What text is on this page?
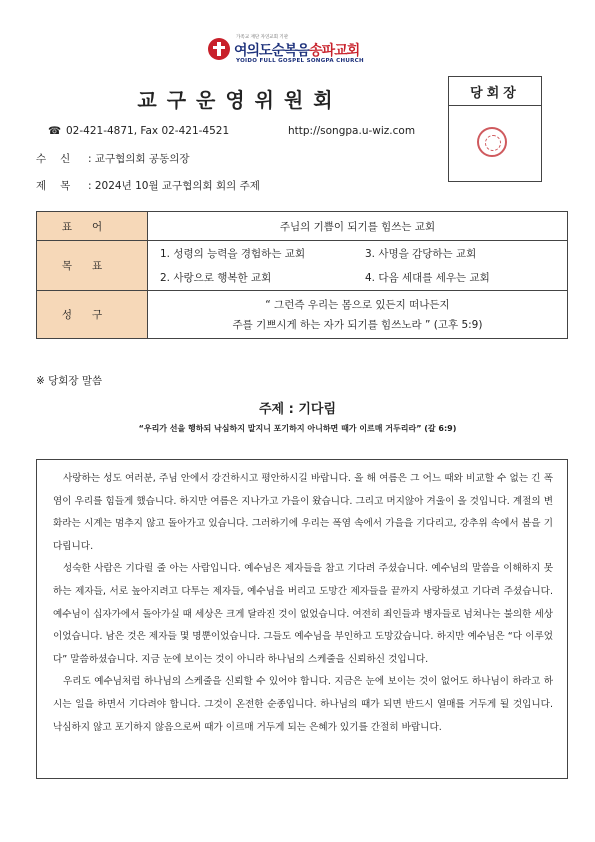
가족교 재단 자연교회 기관
여의도순복음송파교회
YOIDO FULL GOSPEL SONGPA CHURCH
교구운영위원회	당회장
☎ 02-421-4871, Fax 02-421-4521	http://songpa.u-wiz.com
수신 : 교구협의회 공동의장
제목 : 2024년 10월 교구협의회 회의 주제
표어	주님의 기쁨이 되기를 힘쓰는 교회
목표	1. 성령의 능력을 경험하는 교회 3. 사명을 감당하는 교회
2. 사랑으로 행복한 교회 4. 다음 세대를 세우는 교회

성구	“ 그런즉 우리는 몸으로 있든지 떠나든지
주를 기쁘시게 하는 자가 되기를 힘쓰노라 ” (고후 5:9)
※ 당회장 말씀
주제 : 기다림
“우리가 선을 행하되 낙심하지 말지니 포기하지 아니하면 때가 이르매 거두리라” (갈 6:9)

사랑하는 성도 여러분, 주님 안에서 강건하시고 평안하시길 바랍니다. 올 해 여름은 그 어느 때와 비교할 수 없는 긴 폭염이 우리를 힘들게 했습니다. 하지만 여름은 지나가고 가을이 왔습니다. 그리고 머지않아 겨울이 올 것입니다. 계절의 변화라는 시계는 멈추지 않고 돌아가고 있습니다. 그러하기에 우리는 폭염 속에서 가을을 기다리고, 강추위 속에서 봄을 기다립니다.

성숙한 사람은 기다릴 줄 아는 사람입니다. 예수님은 제자들을 참고 기다려 주셨습니다. 예수님의 말씀을 이해하지 못하는 제자들, 서로 높아지려고 다투는 제자들, 예수님을 버리고 도망간 제자들을 끝까지 사랑하셨고 기다려 주셨습니다. 예수님이 십자가에서 돌아가실 때 세상은 크게 달라진 것이 없었습니다. 여전히 죄인들과 병자들로 넘쳐나는 불의한 세상이었습니다. 남은 것은 제자들 몇 명뿐이었습니다. 그들도 예수님을 부인하고 도망갔습니다. 하지만 예수님은 “다 이루었다” 말씀하셨습니다. 지금 눈에 보이는 것이 아니라 하나님의 스케줄을 신뢰하신 것입니다.

우리도 예수님처럼 하나님의 스케줄을 신뢰할 수 있어야 합니다. 지금은 눈에 보이는 것이 없어도 하나님이 하라고 하시는 일을 하면서 기다려야 합니다. 그것이 온전한 순종입니다. 하나님의 때가 되면 반드시 열매를 거두게 될 것입니다. 낙심하지 않고 포기하지 않음으로써 때가 이르매 거두게 되는 은혜가 있기를 간절히 바랍니다.
